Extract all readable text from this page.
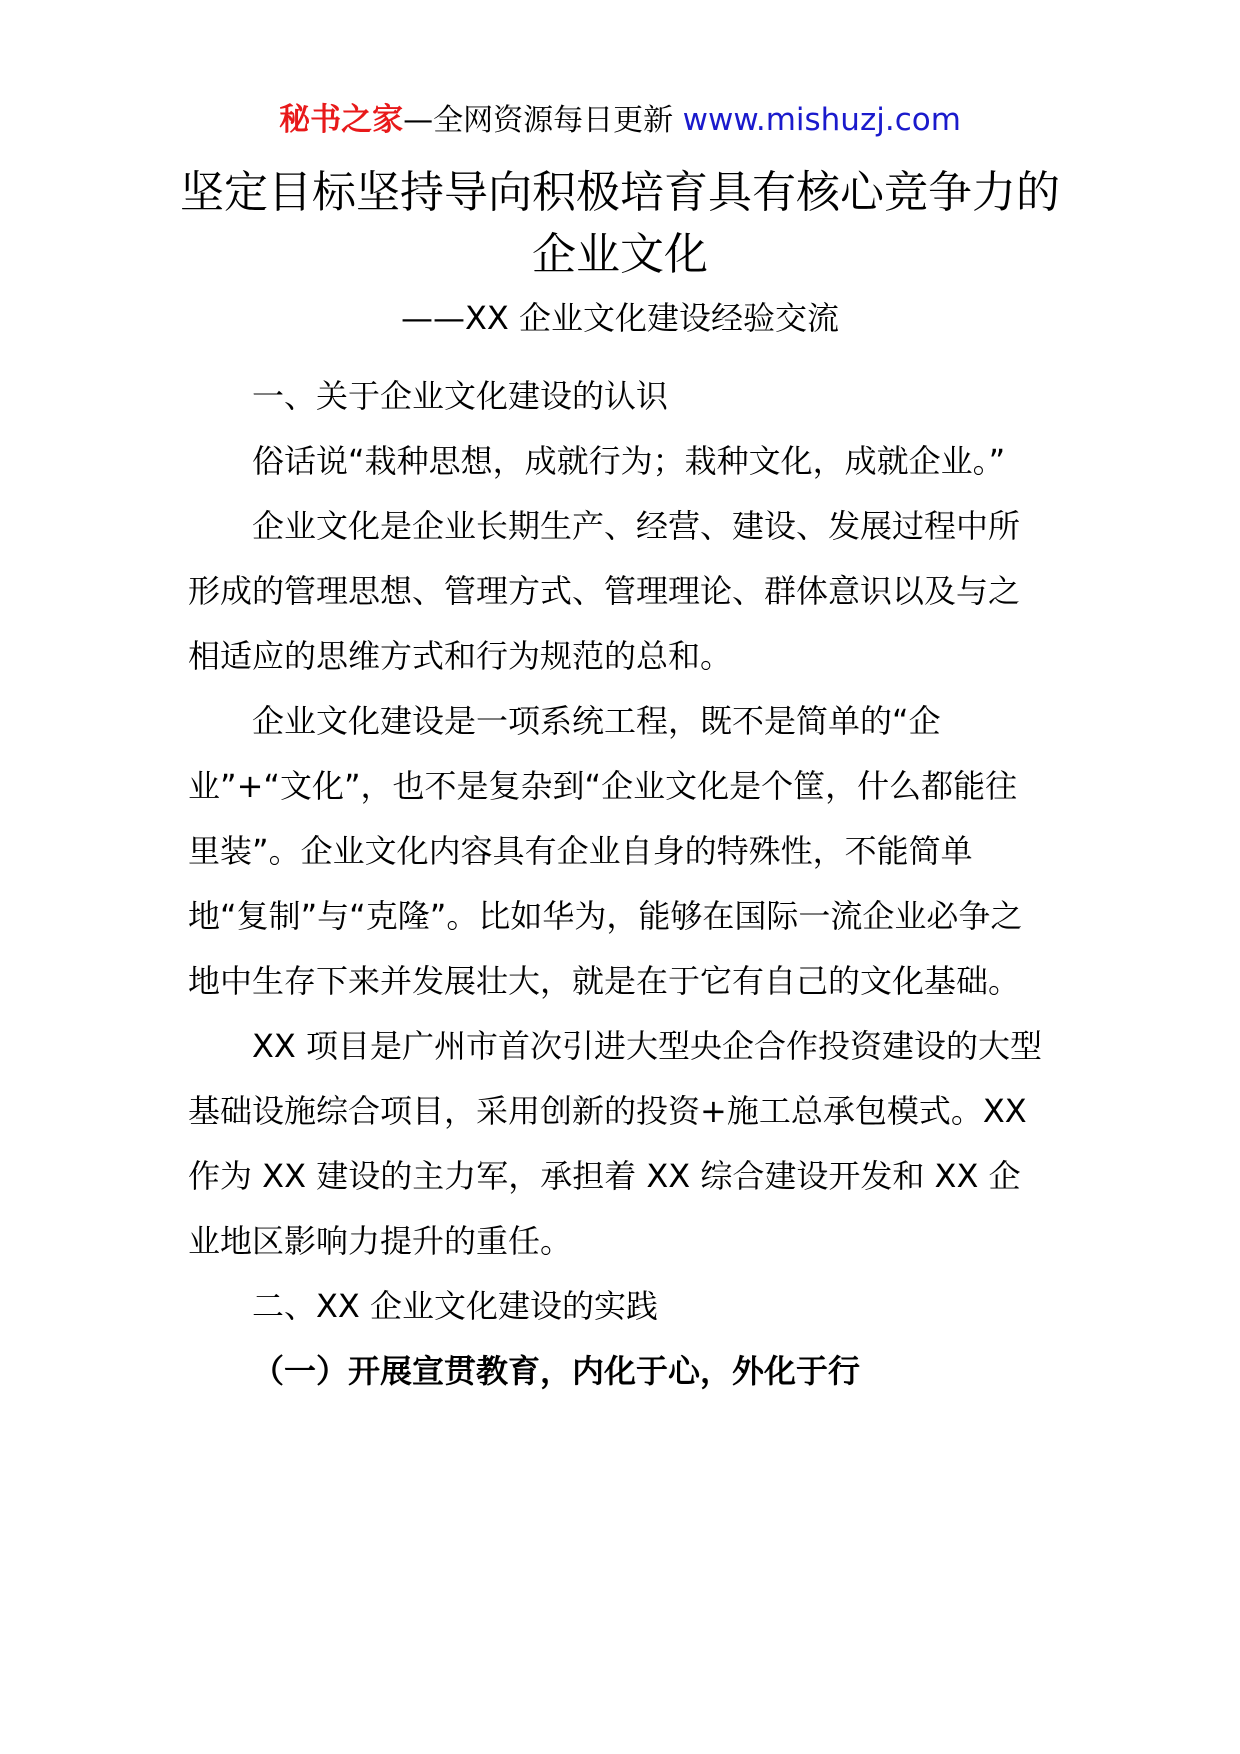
秘书之家—全网资源每日更新 www.mishuzj.com
坚定目标坚持导向积极培育具有核心竞争力的企业文化
——XX 企业文化建设经验交流

一、关于企业文化建设的认识

俗话说“栽种思想，成就行为；栽种文化，成就企业。”

企业文化是企业长期生产、经营、建设、发展过程中所形成的管理思想、管理方式、管理理论、群体意识以及与之相适应的思维方式和行为规范的总和。

企业文化建设是一项系统工程，既不是简单的“企业”+“文化”，也不是复杂到“企业文化是个筐，什么都能往里装”。企业文化内容具有企业自身的特殊性，不能简单地“复制”与“克隆”。比如华为，能够在国际一流企业必争之地中生存下来并发展壮大，就是在于它有自己的文化基础。

XX 项目是广州市首次引进大型央企合作投资建设的大型基础设施综合项目，采用创新的投资+施工总承包模式。XX 作为 XX 建设的主力军，承担着 XX 综合建设开发和 XX 企业地区影响力提升的重任。

二、XX 企业文化建设的实践

（一）开展宣贯教育，内化于心，外化于行
